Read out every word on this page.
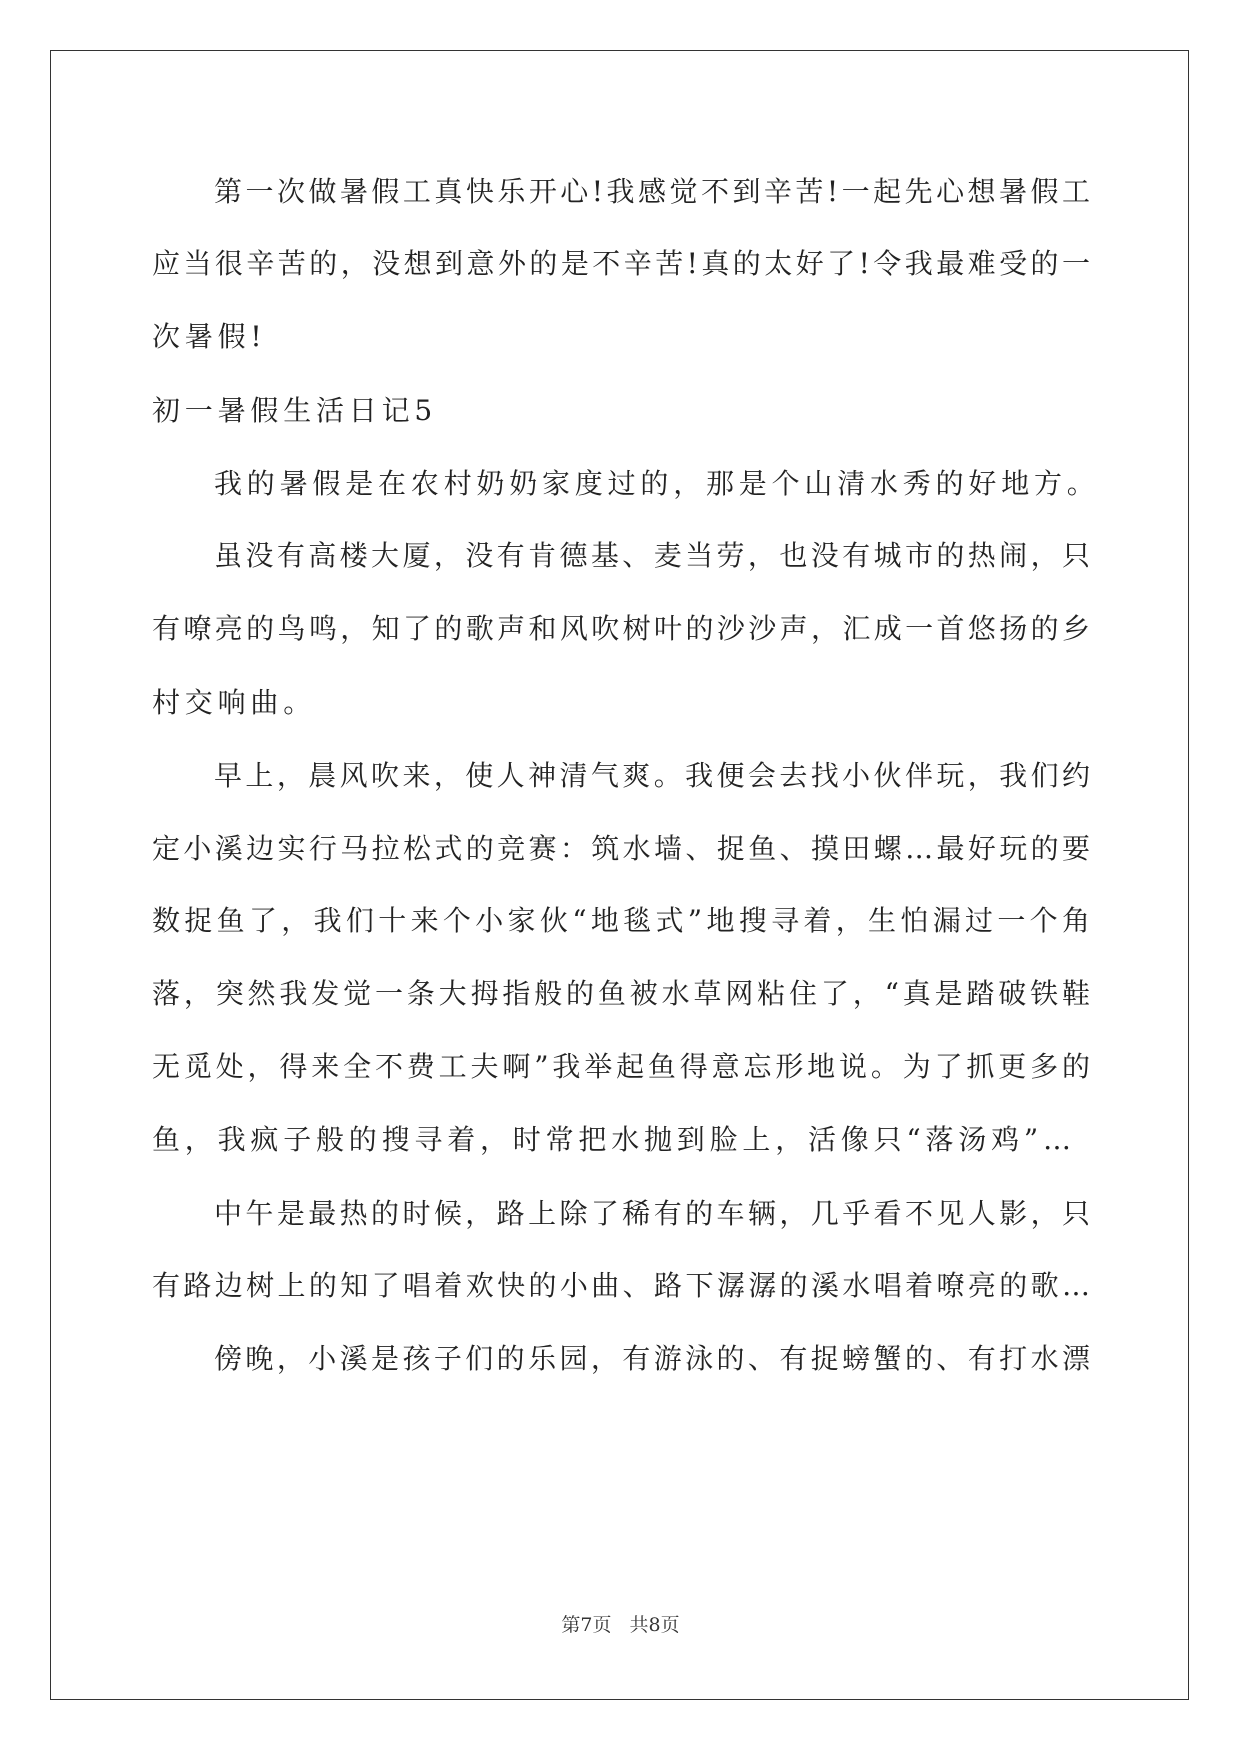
第一次做暑假工真快乐开心!我感觉不到辛苦!一起先心想暑假工
应当很辛苦的，没想到意外的是不辛苦!真的太好了!令我最难受的一
次暑假!
初一暑假生活日记5
我的暑假是在农村奶奶家度过的，那是个山清水秀的好地方。
虽没有高楼大厦，没有肯德基、麦当劳，也没有城市的热闹，只
有嘹亮的鸟鸣，知了的歌声和风吹树叶的沙沙声，汇成一首悠扬的乡
村交响曲。
早上，晨风吹来，使人神清气爽。我便会去找小伙伴玩，我们约
定小溪边实行马拉松式的竞赛：筑水墙、捉鱼、摸田螺…最好玩的要
数捉鱼了，我们十来个小家伙“地毯式”地搜寻着，生怕漏过一个角
落，突然我发觉一条大拇指般的鱼被水草网粘住了，“真是踏破铁鞋
无觅处，得来全不费工夫啊”我举起鱼得意忘形地说。为了抓更多的
鱼，我疯子般的搜寻着，时常把水抛到脸上，活像只“落汤鸡”…
中午是最热的时候，路上除了稀有的车辆，几乎看不见人影，只
有路边树上的知了唱着欢快的小曲、路下潺潺的溪水唱着嘹亮的歌…
傍晚，小溪是孩子们的乐园，有游泳的、有捉螃蟹的、有打水漂
第7页 共8页
